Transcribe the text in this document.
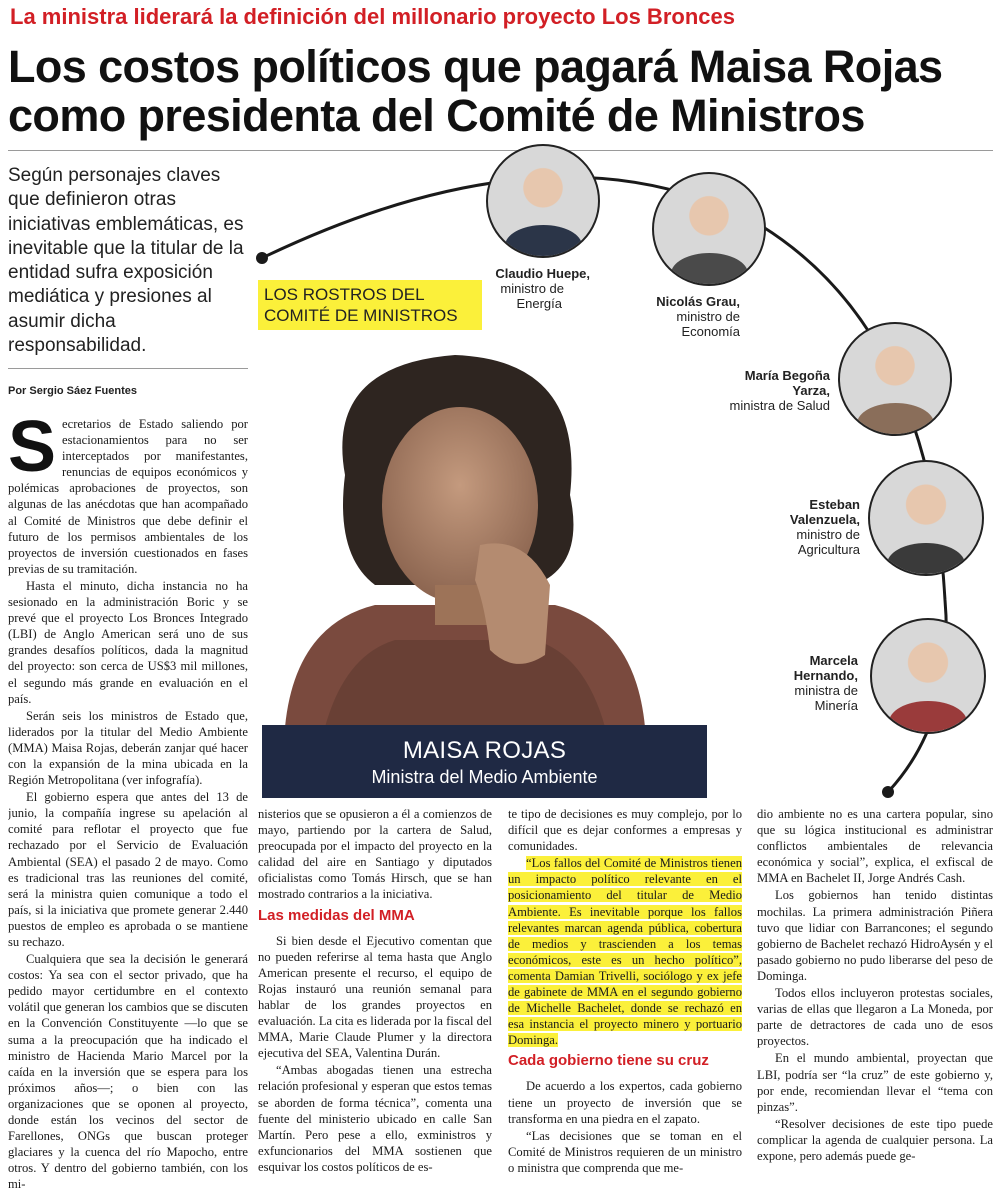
La ministra liderará la definición del millonario proyecto Los Bronces
Los costos políticos que pagará Maisa Rojas
como presidenta del Comité de Ministros
Según personajes claves que definieron otras iniciativas emblemáticas, es inevitable que la titular de la entidad sufra exposición mediática y presiones al asumir dicha responsabilidad.
Por Sergio Sáez Fuentes
LOS ROSTROS DEL
COMITÉ DE MINISTROS
Claudio Huepe,
ministro de
Energía	Nicolás Grau,
ministro de
Economía
María Begoña
Yarza,
ministra de Salud
Esteban
Valenzuela,
ministro de
Agricultura
Marcela
Hernando,
ministra de
Minería
MAISA ROJAS
Ministra del Medio Ambiente

Secretarios de Estado saliendo por estacionamientos para no ser interceptados por manifestantes, renuncias de equipos económicos y polémicas aprobaciones de proyectos, son algunas de las anécdotas que han acompañado al Comité de Ministros que debe definir el futuro de los permisos ambientales de los proyectos de inversión cuestionados en fases previas de su tramitación.

Hasta el minuto, dicha instancia no ha sesionado en la administración Boric y se prevé que el proyecto Los Bronces Integrado (LBI) de Anglo American será uno de sus grandes desafíos políticos, dada la magnitud del proyecto: son cerca de US$3 mil millones, el segundo más grande en evaluación en el país.

Serán seis los ministros de Estado que, liderados por la titular del Medio Ambiente (MMA) Maisa Rojas, deberán zanjar qué hacer con la expansión de la mina ubicada en la Región Metropolitana (ver infografía).

El gobierno espera que antes del 13 de junio, la compañía ingrese su apelación al comité para reflotar el proyecto que fue rechazado por el Servicio de Evaluación Ambiental (SEA) el pasado 2 de mayo. Como es tradicional tras las reuniones del comité, será la ministra quien comunique a todo el país, si la iniciativa que promete generar 2.440 puestos de empleo es aprobada o se mantiene su rechazo.

Cualquiera que sea la decisión le generará costos: Ya sea con el sector privado, que ha pedido mayor certidumbre en el contexto volátil que generan los cambios que se discuten en la Convención Constituyente —lo que se suma a la preocupación que ha indicado el ministro de Hacienda Mario Marcel por la caída en la inversión que se espera para los próximos años—; o bien con las organizaciones que se oponen al proyecto, donde están los vecinos del sector de Farellones, ONGs que buscan proteger glaciares y la cuenca del río Mapocho, entre otros. Y dentro del gobierno también, con los mi-

nisterios que se opusieron a él a comienzos de mayo, partiendo por la cartera de Salud, preocupada por el impacto del proyecto en la calidad del aire en Santiago y diputados oficialistas como Tomás Hirsch, que se han mostrado contrarios a la iniciativa.

Las medidas del MMA

Si bien desde el Ejecutivo comentan que no pueden referirse al tema hasta que Anglo American presente el recurso, el equipo de Rojas instauró una reunión semanal para hablar de los grandes proyectos en evaluación. La cita es liderada por la fiscal del MMA, Marie Claude Plumer y la directora ejecutiva del SEA, Valentina Durán.

“Ambas abogadas tienen una estrecha relación profesional y esperan que estos temas se aborden de forma técnica”, comenta una fuente del ministerio ubicado en calle San Martín. Pero pese a ello, exministros y exfuncionarios del MMA sostienen que esquivar los costos políticos de es-

te tipo de decisiones es muy complejo, por lo difícil que es dejar conformes a empresas y comunidades.

“Los fallos del Comité de Ministros tienen un impacto político relevante en el posicionamiento del titular de Medio Ambiente. Es inevitable porque los fallos relevantes marcan agenda pública, cobertura de medios y trascienden a los temas económicos, este es un hecho político”, comenta Damian Trivelli, sociólogo y ex jefe de gabinete de MMA en el segundo gobierno de Michelle Bachelet, donde se rechazó en esa instancia el proyecto minero y portuario Dominga.

Cada gobierno tiene su cruz

De acuerdo a los expertos, cada gobierno tiene un proyecto de inversión que se transforma en una piedra en el zapato.

“Las decisiones que se toman en el Comité de Ministros requieren de un ministro o ministra que comprenda que me-

dio ambiente no es una cartera popular, sino que su lógica institucional es administrar conflictos ambientales de relevancia económica y social”, explica, el exfiscal de MMA en Bachelet II, Jorge Andrés Cash.

Los gobiernos han tenido distintas mochilas. La primera administración Piñera tuvo que lidiar con Barrancones; el segundo gobierno de Bachelet rechazó HidroAysén y el pasado gobierno no pudo liberarse del peso de Dominga.

Todos ellos incluyeron protestas sociales, varias de ellas que llegaron a La Moneda, por parte de detractores de cada uno de esos proyectos.

En el mundo ambiental, proyectan que LBI, podría ser “la cruz” de este gobierno y, por ende, recomiendan llevar el “tema con pinzas”.

“Resolver decisiones de este tipo puede complicar la agenda de cualquier persona. La expone, pero además puede ge-
